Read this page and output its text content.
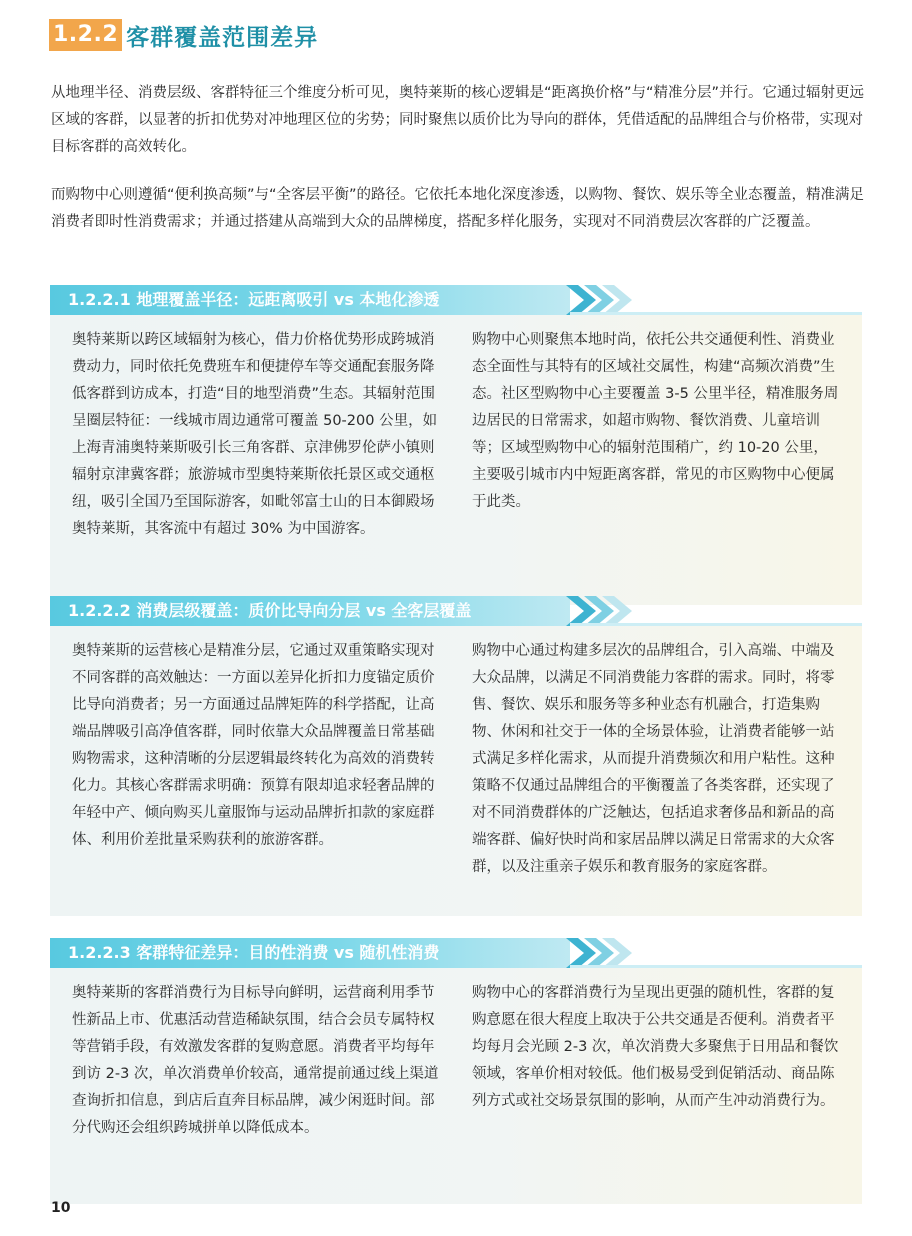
1.2.2 客群覆盖范围差异

从地理半径、消费层级、客群特征三个维度分析可见，奥特莱斯的核心逻辑是“距离换价格”与“精准分层”并行。它通过辐射更远区域的客群，以显著的折扣优势对冲地理区位的劣势；同时聚焦以质价比为导向的群体，凭借适配的品牌组合与价格带，实现对目标客群的高效转化。

而购物中心则遵循“便利换高频”与“全客层平衡”的路径。它依托本地化深度渗透，以购物、餐饮、娱乐等全业态覆盖，精准满足消费者即时性消费需求；并通过搭建从高端到大众的品牌梯度，搭配多样化服务，实现对不同消费层次客群的广泛覆盖。

1.2.2.1 地理覆盖半径：远距离吸引 vs 本地化渗透

奥特莱斯以跨区域辐射为核心，借力价格优势形成跨城消费动力，同时依托免费班车和便捷停车等交通配套服务降低客群到访成本，打造“目的地型消费”生态。其辐射范围呈圈层特征：一线城市周边通常可覆盖 50-200 公里，如上海青浦奥特莱斯吸引长三角客群、京津佛罗伦萨小镇则辐射京津冀客群；旅游城市型奥特莱斯依托景区或交通枢纽，吸引全国乃至国际游客，如毗邻富士山的日本御殿场奥特莱斯，其客流中有超过 30% 为中国游客。

购物中心则聚焦本地时尚，依托公共交通便利性、消费业态全面性与其特有的区域社交属性，构建“高频次消费”生态。社区型购物中心主要覆盖 3-5 公里半径，精准服务周边居民的日常需求，如超市购物、餐饮消费、儿童培训等；区域型购物中心的辐射范围稍广，约 10-20 公里，主要吸引城市内中短距离客群，常见的市区购物中心便属于此类。

1.2.2.2 消费层级覆盖：质价比导向分层 vs 全客层覆盖

奥特莱斯的运营核心是精准分层，它通过双重策略实现对不同客群的高效触达：一方面以差异化折扣力度锚定质价比导向消费者；另一方面通过品牌矩阵的科学搭配，让高端品牌吸引高净值客群，同时依靠大众品牌覆盖日常基础购物需求，这种清晰的分层逻辑最终转化为高效的消费转化力。其核心客群需求明确：预算有限却追求轻奢品牌的年轻中产、倾向购买儿童服饰与运动品牌折扣款的家庭群体、利用价差批量采购获利的旅游客群。

购物中心通过构建多层次的品牌组合，引入高端、中端及大众品牌，以满足不同消费能力客群的需求。同时，将零售、餐饮、娱乐和服务等多种业态有机融合，打造集购物、休闲和社交于一体的全场景体验，让消费者能够一站式满足多样化需求，从而提升消费频次和用户粘性。这种策略不仅通过品牌组合的平衡覆盖了各类客群，还实现了对不同消费群体的广泛触达，包括追求奢侈品和新品的高端客群、偏好快时尚和家居品牌以满足日常需求的大众客群，以及注重亲子娱乐和教育服务的家庭客群。

1.2.2.3 客群特征差异：目的性消费 vs 随机性消费

奥特莱斯的客群消费行为目标导向鲜明，运营商利用季节性新品上市、优惠活动营造稀缺氛围，结合会员专属特权等营销手段，有效激发客群的复购意愿。消费者平均每年到访 2-3 次，单次消费单价较高，通常提前通过线上渠道查询折扣信息，到店后直奔目标品牌，减少闲逛时间。部分代购还会组织跨城拼单以降低成本。

购物中心的客群消费行为呈现出更强的随机性，客群的复购意愿在很大程度上取决于公共交通是否便利。消费者平均每月会光顾 2-3 次，单次消费大多聚焦于日用品和餐饮领域，客单价相对较低。他们极易受到促销活动、商品陈列方式或社交场景氛围的影响，从而产生冲动消费行为。

10
